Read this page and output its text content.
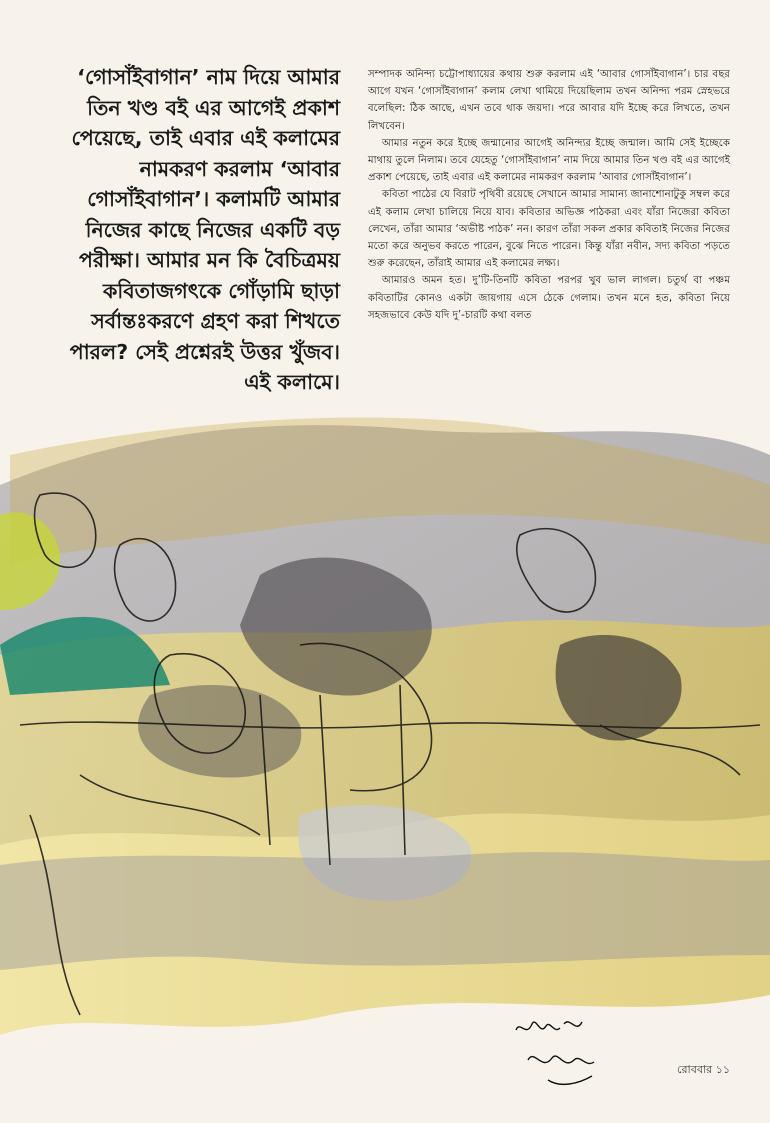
‘গোসাঁইবাগান’ নাম দিয়ে আমার তিন খণ্ড বই এর আগেই প্রকাশ পেয়েছে, তাই এবার এই কলামের নামকরণ করলাম ‘আবার গোসাঁইবাগান’। কলামটি আমার নিজের কাছে নিজের একটি বড় পরীক্ষা। আমার মন কি বৈচিত্রময় কবিতাজগৎকে গোঁড়ামি ছাড়া সর্বান্তঃকরণে গ্রহণ করা শিখতে পারল? সেই প্রশ্নেরই উত্তর খুঁজব। এই কলামে।

সম্পাদক অনিন্দ্য চট্টোপাধ্যায়ের কথায় শুরু করলাম এই ‘আবার গোসাঁইবাগান’। চার বছর আগে যখন ‘গোসাঁইবাগান’ কলাম লেখা থামিয়ে দিয়েছিলাম তখন অনিন্দ্য পরম স্নেহভরে বলেছিল: ঠিক আছে, এখন তবে থাক জয়দা। পরে আবার যদি ইচ্ছে করে লিখতে, তখন লিখবেন।

আমার নতুন করে ইচ্ছে জন্মানোর আগেই অনিন্দ্যর ইচ্ছে জন্মাল। আমি সেই ইচ্ছেকে মাথায় তুলে নিলাম। তবে যেহেতু ‘গোসাঁইবাগান’ নাম দিয়ে আমার তিন খণ্ড বই এর আগেই প্রকাশ পেয়েছে, তাই এবার এই কলামের নামকরণ করলাম ‘আবার গোসাঁইবাগান’।

কবিতা পাঠের যে বিরাট পৃথিবী রয়েছে সেখানে আমার সামান্য জানাশোনাটুকু সম্বল করে এই কলাম লেখা চালিয়ে নিয়ে যাব। কবিতার অভিজ্ঞ পাঠকরা এবং যাঁরা নিজেরা কবিতা লেখেন, তাঁরা আমার ‘অভীষ্ট পাঠক’ নন। কারণ তাঁরা সকল প্রকার কবিতাই নিজের নিজের মতো করে অনুভব করতে পারেন, বুঝে নিতে পারেন। কিন্তু যাঁরা নবীন, সদ্য কবিতা পড়তে শুরু করেছেন, তাঁরাই আমার এই কলামের লক্ষ্য।

আমারও অমন হত। দু’টি-তিনটি কবিতা পরপর খুব ভাল লাগল। চতুর্থ বা পঞ্চম কবিতাটির কোনও একটা জায়গায় এসে ঠেকে গেলাম। তখন মনে হত, কবিতা নিয়ে সহজভাবে কেউ যদি দু’-চারটি কথা বলত

রোববার ১১
